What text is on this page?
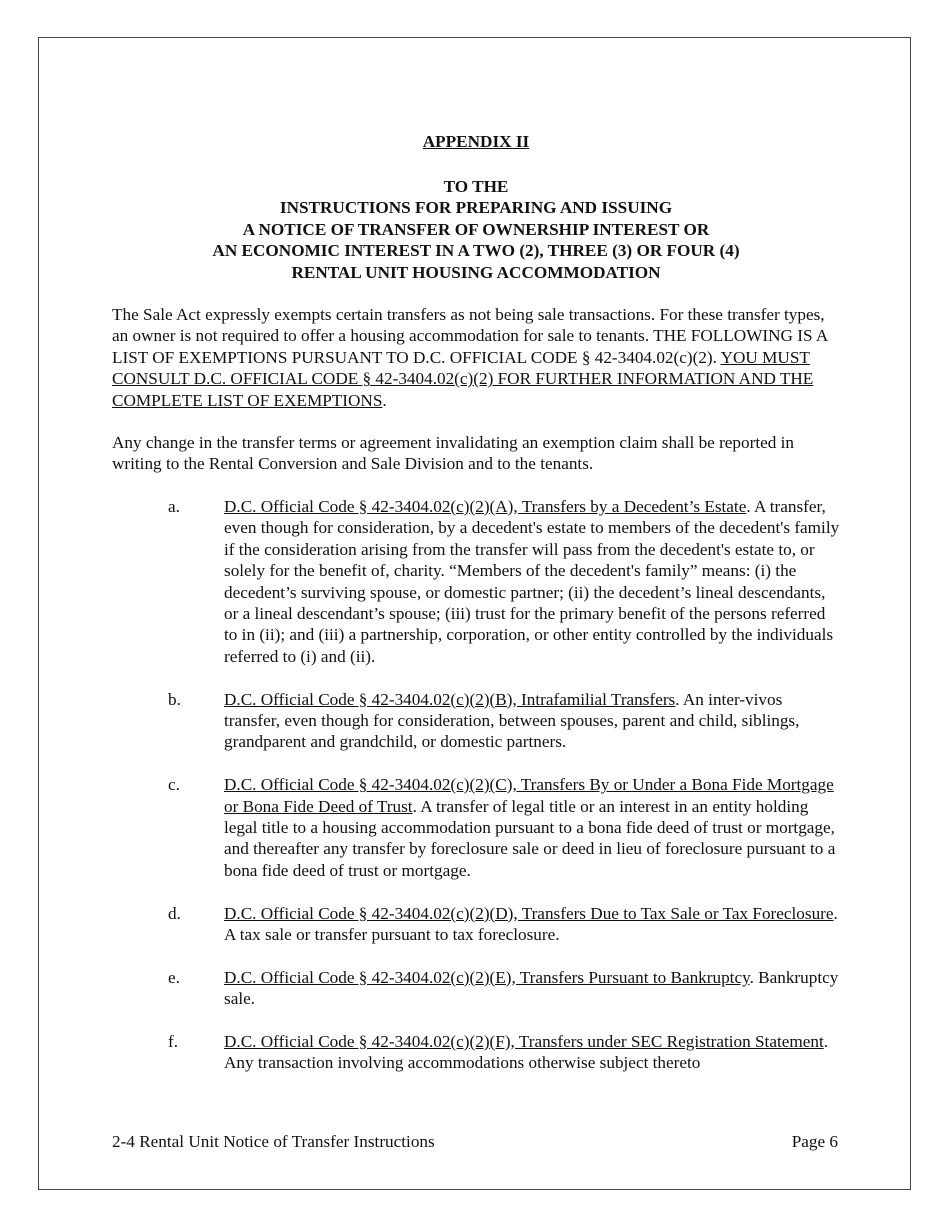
APPENDIX II

TO THE
INSTRUCTIONS FOR PREPARING AND ISSUING
A NOTICE OF TRANSFER OF OWNERSHIP INTEREST OR
AN ECONOMIC INTEREST IN A TWO (2), THREE (3) OR FOUR (4)
RENTAL UNIT HOUSING ACCOMMODATION

The Sale Act expressly exempts certain transfers as not being sale transactions. For these transfer types, an owner is not required to offer a housing accommodation for sale to tenants. THE FOLLOWING IS A LIST OF EXEMPTIONS PURSUANT TO D.C. OFFICIAL CODE § 42-3404.02(c)(2). YOU MUST CONSULT D.C. OFFICIAL CODE § 42-3404.02(c)(2) FOR FURTHER INFORMATION AND THE COMPLETE LIST OF EXEMPTIONS.

Any change in the transfer terms or agreement invalidating an exemption claim shall be reported in writing to the Rental Conversion and Sale Division and to the tenants.

a.	D.C. Official Code § 42-3404.02(c)(2)(A), Transfers by a Decedent’s Estate. A transfer, even though for consideration, by a decedent's estate to members of the decedent's family if the consideration arising from the transfer will pass from the decedent's estate to, or solely for the benefit of, charity. “Members of the decedent's family” means: (i) the decedent’s surviving spouse, or domestic partner; (ii) the decedent’s lineal descendants, or a lineal descendant’s spouse; (iii) trust for the primary benefit of the persons referred to in (ii); and (iii) a partnership, corporation, or other entity controlled by the individuals referred to (i) and (ii).
b.	D.C. Official Code § 42-3404.02(c)(2)(B), Intrafamilial Transfers. An inter-vivos transfer, even though for consideration, between spouses, parent and child, siblings, grandparent and grandchild, or domestic partners.
c.	D.C. Official Code § 42-3404.02(c)(2)(C), Transfers By or Under a Bona Fide Mortgage or Bona Fide Deed of Trust. A transfer of legal title or an interest in an entity holding legal title to a housing accommodation pursuant to a bona fide deed of trust or mortgage, and thereafter any transfer by foreclosure sale or deed in lieu of foreclosure pursuant to a bona fide deed of trust or mortgage.
d.	D.C. Official Code § 42-3404.02(c)(2)(D), Transfers Due to Tax Sale or Tax Foreclosure. A tax sale or transfer pursuant to tax foreclosure.
e.	D.C. Official Code § 42-3404.02(c)(2)(E), Transfers Pursuant to Bankruptcy. Bankruptcy sale.
f.	D.C. Official Code § 42-3404.02(c)(2)(F), Transfers under SEC Registration Statement. Any transaction involving accommodations otherwise subject thereto
2-4 Rental Unit Notice of Transfer Instructions	Page 6
